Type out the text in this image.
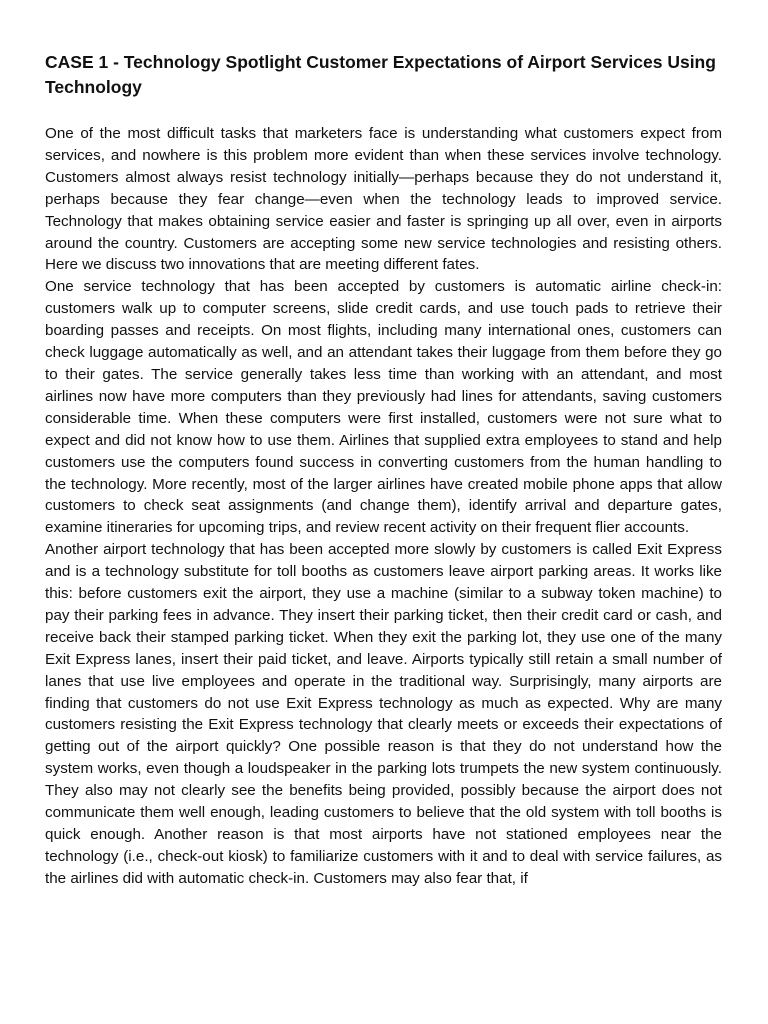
CASE 1 - Technology Spotlight Customer Expectations of Airport Services Using Technology

One of the most difficult tasks that marketers face is understanding what customers expect from services, and nowhere is this problem more evident than when these services involve technology. Customers almost always resist technology initially—perhaps because they do not understand it, perhaps because they fear change—even when the technology leads to improved service. Technology that makes obtaining service easier and faster is springing up all over, even in airports around the country. Customers are accepting some new service technologies and resisting others. Here we discuss two innovations that are meeting different fates.

One service technology that has been accepted by customers is automatic airline check-in: customers walk up to computer screens, slide credit cards, and use touch pads to retrieve their boarding passes and receipts. On most flights, including many international ones, customers can check luggage automatically as well, and an attendant takes their luggage from them before they go to their gates. The service generally takes less time than working with an attendant, and most airlines now have more computers than they previously had lines for attendants, saving customers considerable time. When these computers were first installed, customers were not sure what to expect and did not know how to use them. Airlines that supplied extra employees to stand and help customers use the computers found success in converting customers from the human handling to the technology. More recently, most of the larger airlines have created mobile phone apps that allow customers to check seat assignments (and change them), identify arrival and departure gates, examine itineraries for upcoming trips, and review recent activity on their frequent flier accounts.

Another airport technology that has been accepted more slowly by customers is called Exit Express and is a technology substitute for toll booths as customers leave airport parking areas. It works like this: before customers exit the airport, they use a machine (similar to a subway token machine) to pay their parking fees in advance. They insert their parking ticket, then their credit card or cash, and receive back their stamped parking ticket. When they exit the parking lot, they use one of the many Exit Express lanes, insert their paid ticket, and leave. Airports typically still retain a small number of lanes that use live employees and operate in the traditional way. Surprisingly, many airports are finding that customers do not use Exit Express technology as much as expected. Why are many customers resisting the Exit Express technology that clearly meets or exceeds their expectations of getting out of the airport quickly? One possible reason is that they do not understand how the system works, even though a loudspeaker in the parking lots trumpets the new system continuously. They also may not clearly see the benefits being provided, possibly because the airport does not communicate them well enough, leading customers to believe that the old system with toll booths is quick enough. Another reason is that most airports have not stationed employees near the technology (i.e., check-out kiosk) to familiarize customers with it and to deal with service failures, as the airlines did with automatic check-in. Customers may also fear that, if
